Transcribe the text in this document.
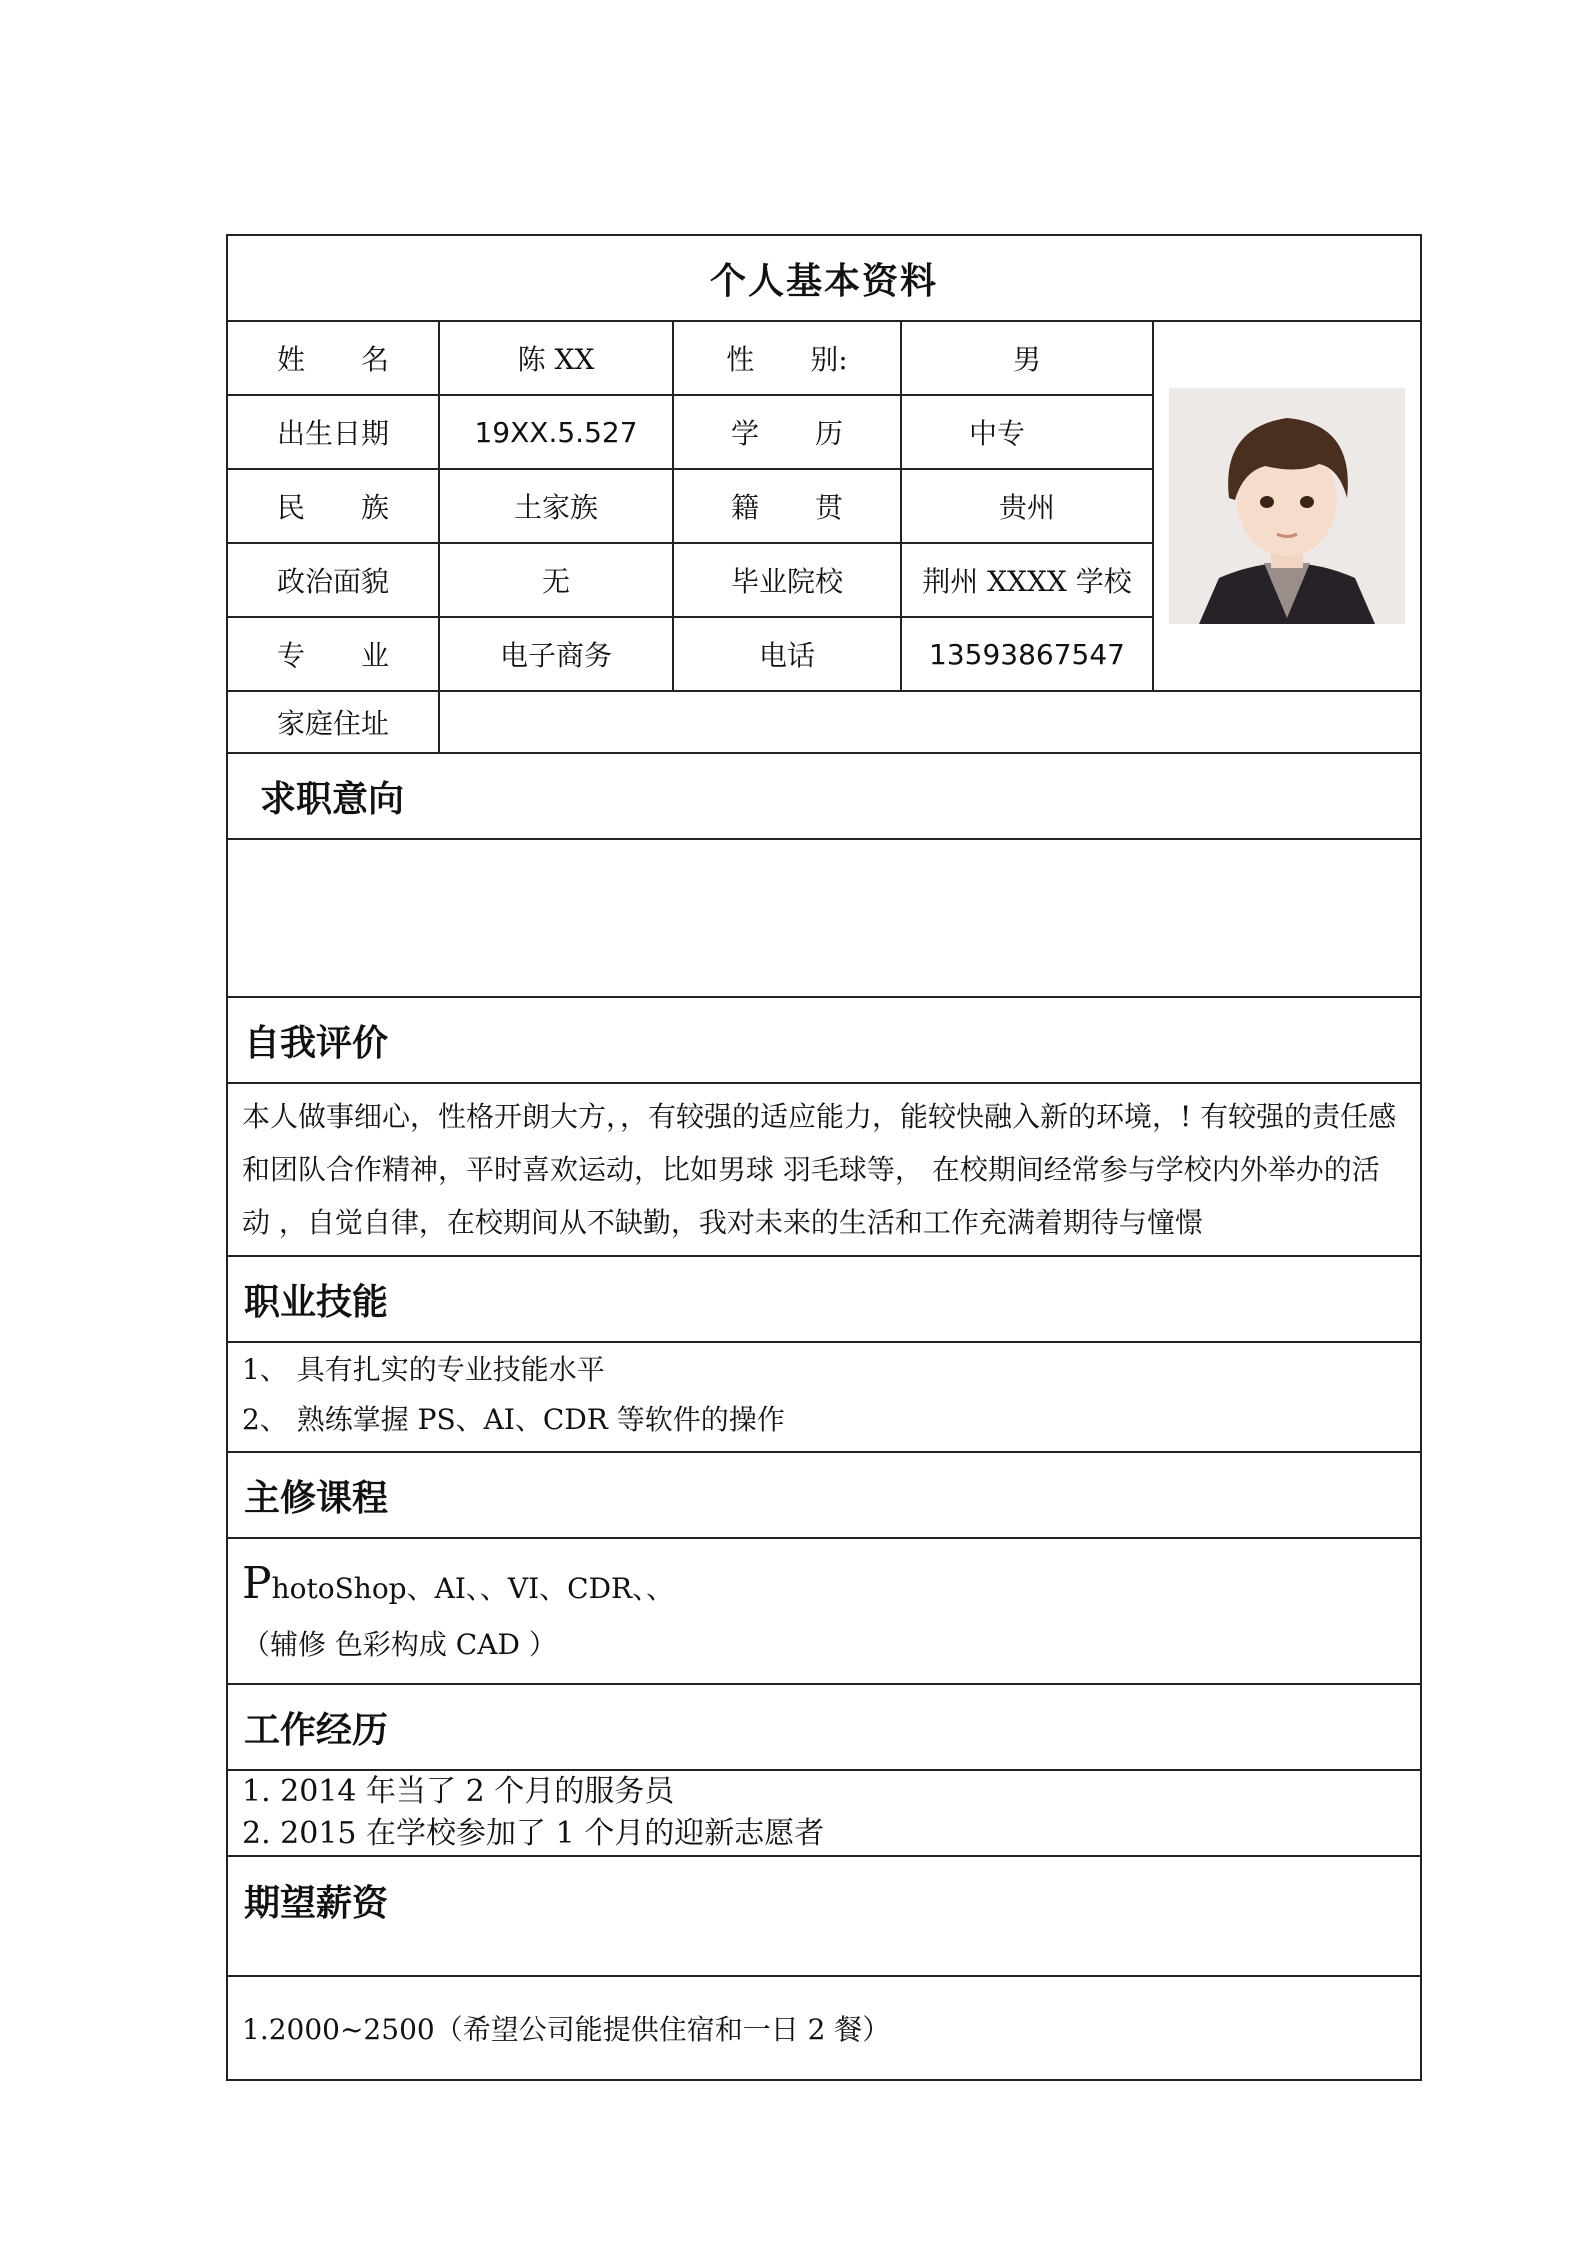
个人基本资料				
姓　　名	陈 XX	性　　别:	男	

出生日期	19XX.5.527	学　　历	中专	
民　　族	土家族	籍　　贯	贵州	
政治面貌	无	毕业院校	荆州 XXXX 学校	
专　　业	电子商务	电话	13593867547	
家庭住址				
求职意向				

自我评价				
本人做事细心，性格开朗大方，，有较强的适应能力，能较快融入新的环境，! 有较强的责任感和团队合作精神，平时喜欢运动，比如男球 羽毛球等， 在校期间经常参与学校内外举办的活动 ，自觉自律，在校期间从不缺勤，我对未来的生活和工作充满着期待与憧憬				
职业技能				

1、 具有扎实的专业技能水平
2、 熟练掌握 PS、AI、CDR 等软件的操作				

主修课程				

PhotoShop、AI、、VI、CDR、、
（辅修 色彩构成 CAD ）				

工作经历				

1. 2014 年当了 2 个月的服务员
2. 2015 在学校参加了 1 个月的迎新志愿者				

期望薪资				
1.2000~2500（希望公司能提供住宿和一日 2 餐）				
